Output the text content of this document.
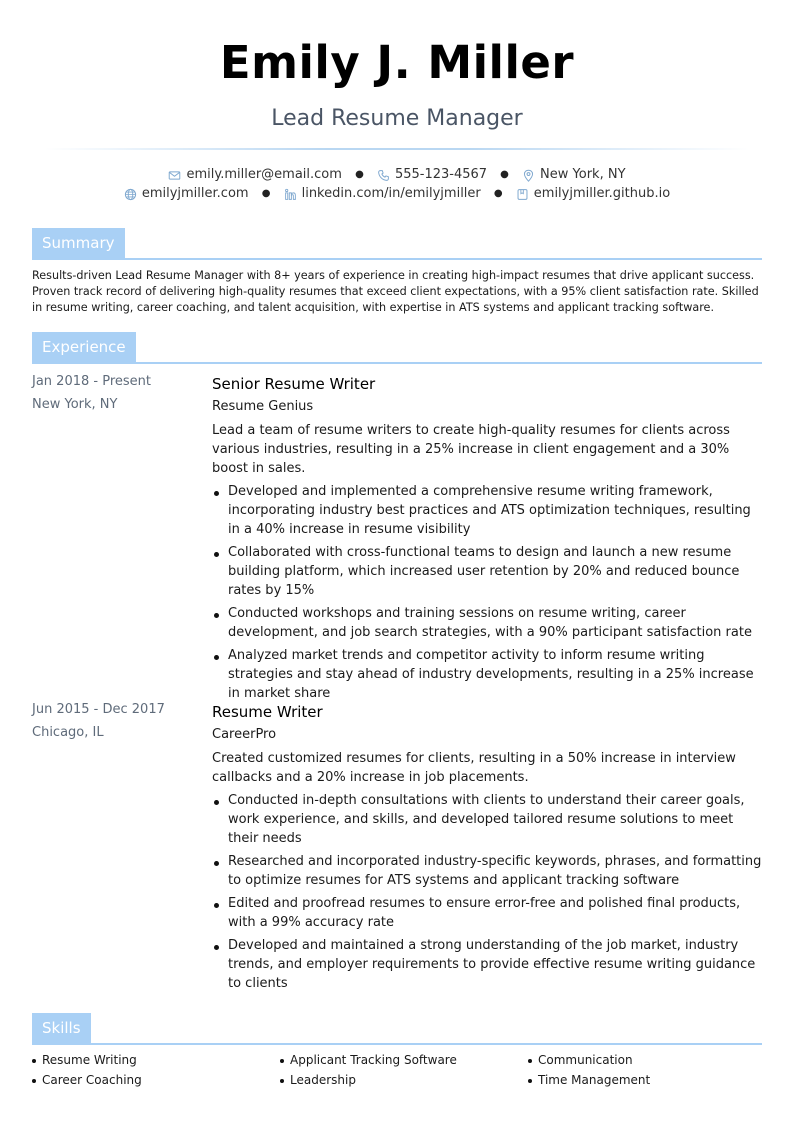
Emily J. Miller
Lead Resume Manager
emily.miller@email.com ● 555-123-4567 ● New York, NY
emilyjmiller.com ● linkedin.com/in/emilyjmiller ● emilyjmiller.github.io
Summary
Results-driven Lead Resume Manager with 8+ years of experience in creating high-impact resumes that drive applicant success. Proven track record of delivering high-quality resumes that exceed client expectations, with a 95% client satisfaction rate. Skilled in resume writing, career coaching, and talent acquisition, with expertise in ATS systems and applicant tracking software.
Experience
Jan 2018 - Present
New York, NY
Senior Resume Writer
Resume Genius
Lead a team of resume writers to create high-quality resumes for clients across various industries, resulting in a 25% increase in client engagement and a 30% boost in sales.
Developed and implemented a comprehensive resume writing framework, incorporating industry best practices and ATS optimization techniques, resulting in a 40% increase in resume visibility
Collaborated with cross-functional teams to design and launch a new resume building platform, which increased user retention by 20% and reduced bounce rates by 15%
Conducted workshops and training sessions on resume writing, career development, and job search strategies, with a 90% participant satisfaction rate
Analyzed market trends and competitor activity to inform resume writing strategies and stay ahead of industry developments, resulting in a 25% increase in market share
Jun 2015 - Dec 2017
Chicago, IL
Resume Writer
CareerPro
Created customized resumes for clients, resulting in a 50% increase in interview callbacks and a 20% increase in job placements.
Conducted in-depth consultations with clients to understand their career goals, work experience, and skills, and developed tailored resume solutions to meet their needs
Researched and incorporated industry-specific keywords, phrases, and formatting to optimize resumes for ATS systems and applicant tracking software
Edited and proofread resumes to ensure error-free and polished final products, with a 99% accuracy rate
Developed and maintained a strong understanding of the job market, industry trends, and employer requirements to provide effective resume writing guidance to clients
Skills
Resume Writing	Applicant Tracking Software	Communication
Career Coaching	Leadership	Time Management
